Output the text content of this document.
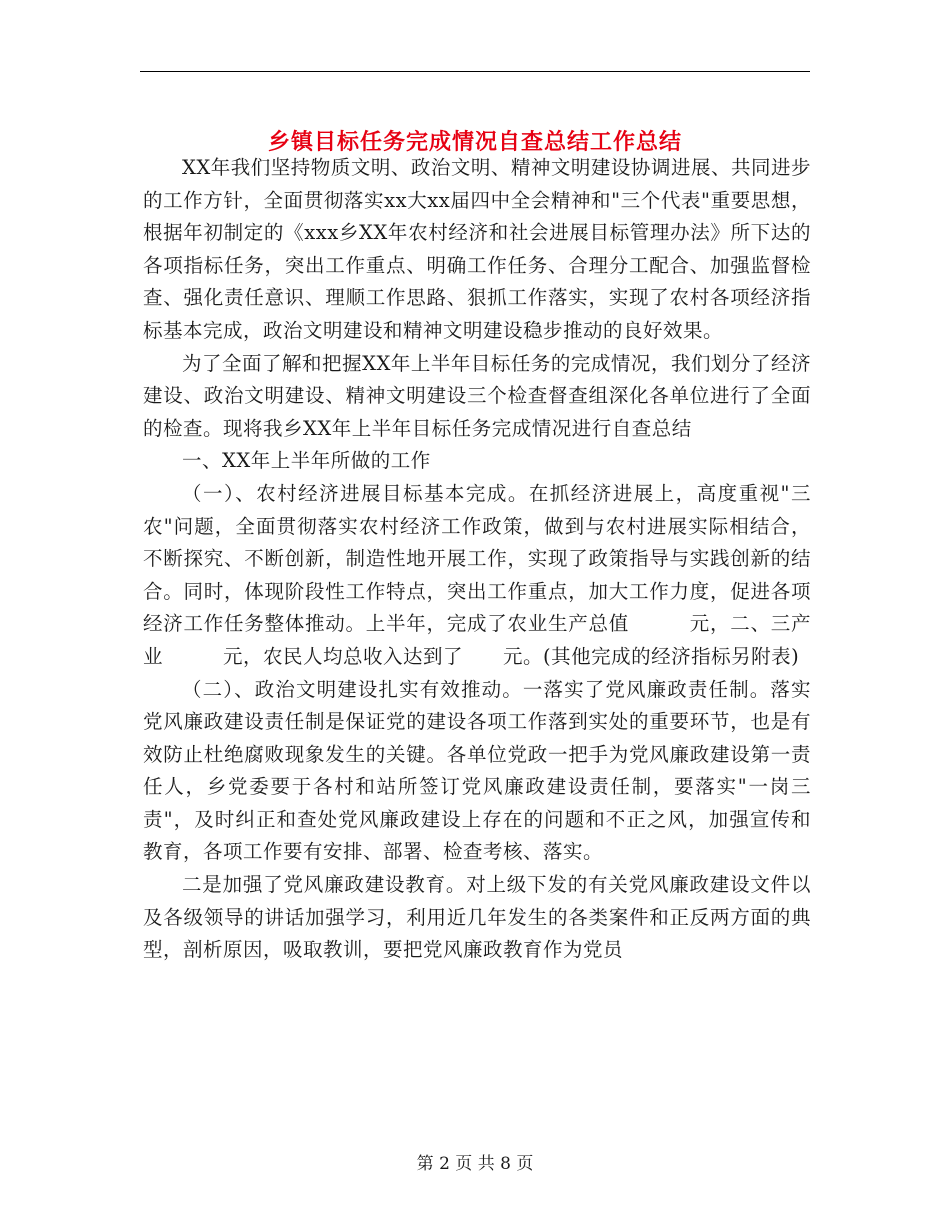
乡镇目标任务完成情况自查总结工作总结

XX年我们坚持物质文明、政治文明、精神文明建设协调进展、共同进步的工作方针，全面贯彻落实xx大xx届四中全会精神和"三个代表"重要思想，根据年初制定的《xxx乡XX年农村经济和社会进展目标管理办法》所下达的各项指标任务，突出工作重点、明确工作任务、合理分工配合、加强监督检查、强化责任意识、理顺工作思路、狠抓工作落实，实现了农村各项经济指标基本完成，政治文明建设和精神文明建设稳步推动的良好效果。

为了全面了解和把握XX年上半年目标任务的完成情况，我们划分了经济建设、政治文明建设、精神文明建设三个检查督查组深化各单位进行了全面的检查。现将我乡XX年上半年目标任务完成情况进行自查总结

一、XX年上半年所做的工作

（一）、农村经济进展目标基本完成。在抓经济进展上，高度重视"三农"问题，全面贯彻落实农村经济工作政策，做到与农村进展实际相结合，不断探究、不断创新，制造性地开展工作，实现了政策指导与实践创新的结合。同时，体现阶段性工作特点，突出工作重点，加大工作力度，促进各项经济工作任务整体推动。上半年，完成了农业生产总值　　　元，二、三产业　　　元，农民人均总收入达到了　　元。(其他完成的经济指标另附表)

（二）、政治文明建设扎实有效推动。一落实了党风廉政责任制。落实党风廉政建设责任制是保证党的建设各项工作落到实处的重要环节，也是有效防止杜绝腐败现象发生的关键。各单位党政一把手为党风廉政建设第一责任人，乡党委要于各村和站所签订党风廉政建设责任制，要落实"一岗三责"，及时纠正和查处党风廉政建设上存在的问题和不正之风，加强宣传和教育，各项工作要有安排、部署、检查考核、落实。

二是加强了党风廉政建设教育。对上级下发的有关党风廉政建设文件以及各级领导的讲话加强学习，利用近几年发生的各类案件和正反两方面的典型，剖析原因，吸取教训，要把党风廉政教育作为党员

第 2 页 共 8 页
